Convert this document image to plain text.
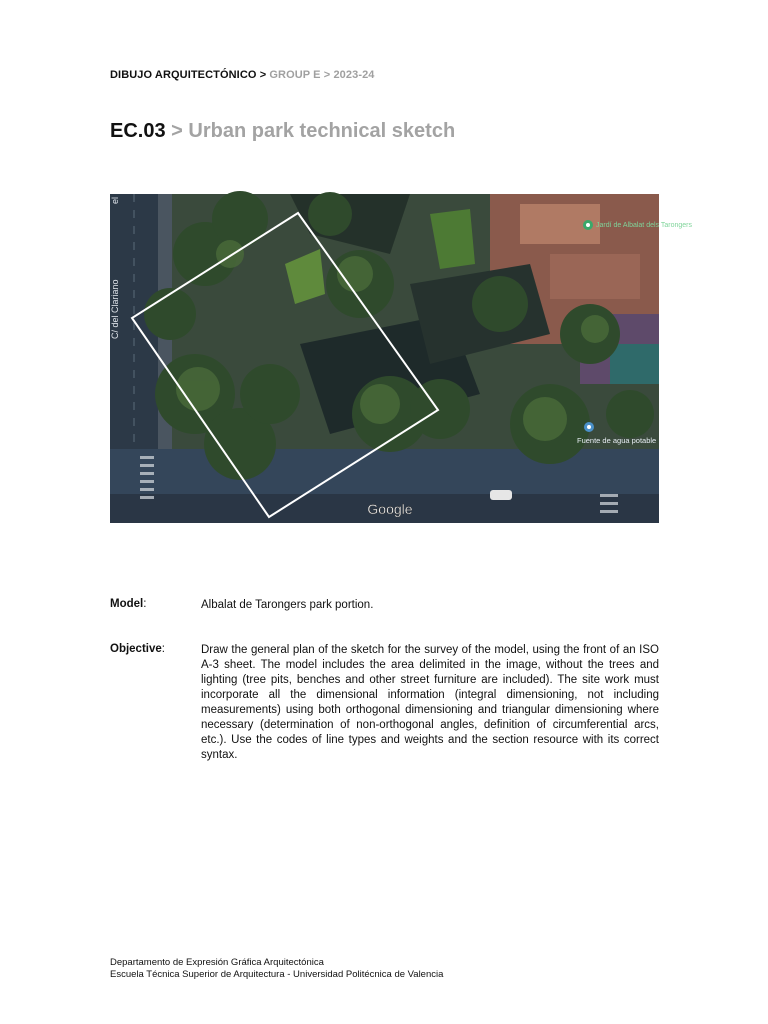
DIBUJO ARQUITECTÓNICO > GROUP E > 2023-24
EC.03 > Urban park technical sketch
C/ del Clariano
el
Jardí de Albalat dels Tarongers
Fuente de agua potable
Google
Model:	Albalat de Tarongers park portion.
Objective:	Draw the general plan of the sketch for the survey of the model, using the front of an ISO A-3 sheet. The model includes the area delimited in the image, without the trees and lighting (tree pits, benches and other street furniture are included). The site work must incorporate all the dimensional information (integral dimensioning, not including measurements) using both orthogonal dimensioning and triangular dimensioning where necessary (determination of non-orthogonal angles, definition of circumferential arcs, etc.). Use the codes of line types and weights and the section resource with its correct syntax.
Departamento de Expresión Gráfica Arquitectónica
Escuela Técnica Superior de Arquitectura - Universidad Politécnica de Valencia
